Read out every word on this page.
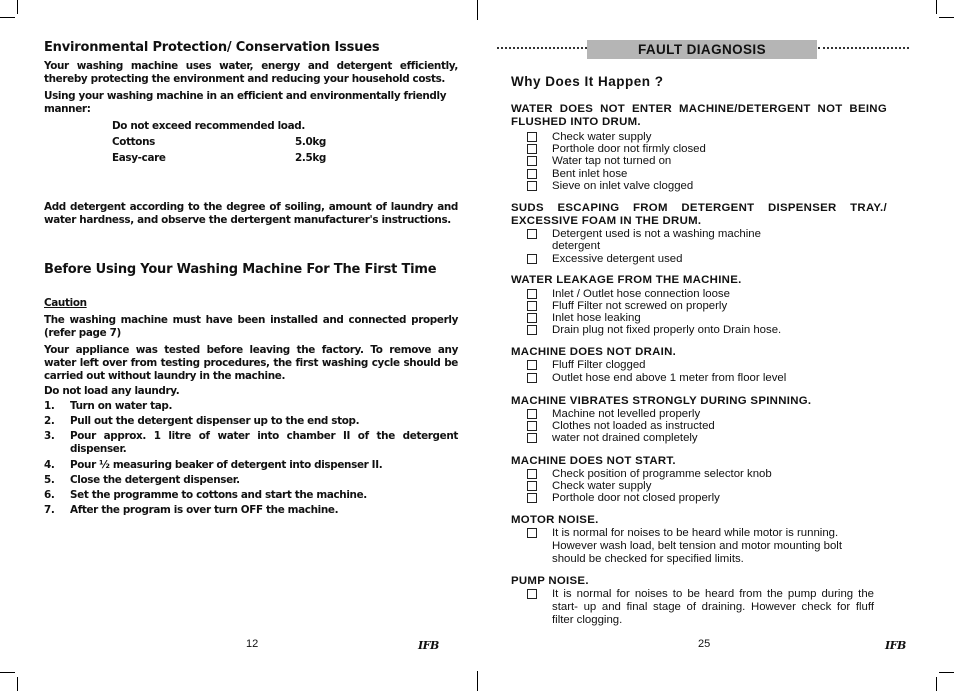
Environmental Protection/ Conservation Issues
Your washing machine uses water, energy and detergent efficiently, thereby protecting the environment and reducing your household costs.
Using your washing machine in an efficient and environmentally friendly manner:
Do not exceed recommended load.
Cottons	5.0kg
Easy-care	2.5kg
Add detergent according to the degree of soiling, amount of laundry and water hardness, and observe the dertergent manufacturer's instructions.
Before Using Your Washing Machine For The First Time
Caution
The washing machine must have been installed and connected properly (refer page 7)
Your appliance was tested before leaving the factory. To remove any water left over from testing procedures, the first washing cycle should be carried out without laundry in the machine.
Do not load any laundry.
1.	Turn on water tap.
2.	Pull out the detergent dispenser up to the end stop.
3.	Pour approx. 1 litre of water into chamber II of the detergent dispenser.
4.	Pour ½ measuring beaker of detergent into dispenser II.
5.	Close the detergent dispenser.
6.	Set the programme to cottons and start the machine.
7.	After the program is over turn OFF the machine.
12	IFB
FAULT DIAGNOSIS
Why Does It Happen ?
WATER DOES NOT ENTER MACHINE/DETERGENT NOT BEING FLUSHED INTO DRUM.
Check water supply
Porthole door not firmly closed
Water tap not turned on
Bent inlet hose
Sieve on inlet valve clogged
SUDS ESCAPING FROM DETERGENT DISPENSER TRAY./ EXCESSIVE FOAM IN THE DRUM.
Detergent used is not a washing machine detergent
Excessive detergent used
WATER LEAKAGE FROM THE MACHINE.
Inlet / Outlet hose connection loose
Fluff Filter not screwed on properly
Inlet hose leaking
Drain plug not fixed properly onto Drain hose.
MACHINE DOES NOT DRAIN.
Fluff Filter clogged
Outlet hose end above 1 meter from floor level
MACHINE VIBRATES STRONGLY DURING SPINNING.
Machine not levelled properly
Clothes not loaded as instructed
water not drained completely
MACHINE DOES NOT START.
Check position of programme selector knob
Check water supply
Porthole door not closed properly
MOTOR NOISE.
It is normal for noises to be heard while motor is running. However wash load, belt tension and motor mounting bolt should be checked for specified limits.
PUMP NOISE.
It is normal for noises to be heard from the pump during the start- up and final stage of draining. However check for fluff filter clogging.
25	IFB
